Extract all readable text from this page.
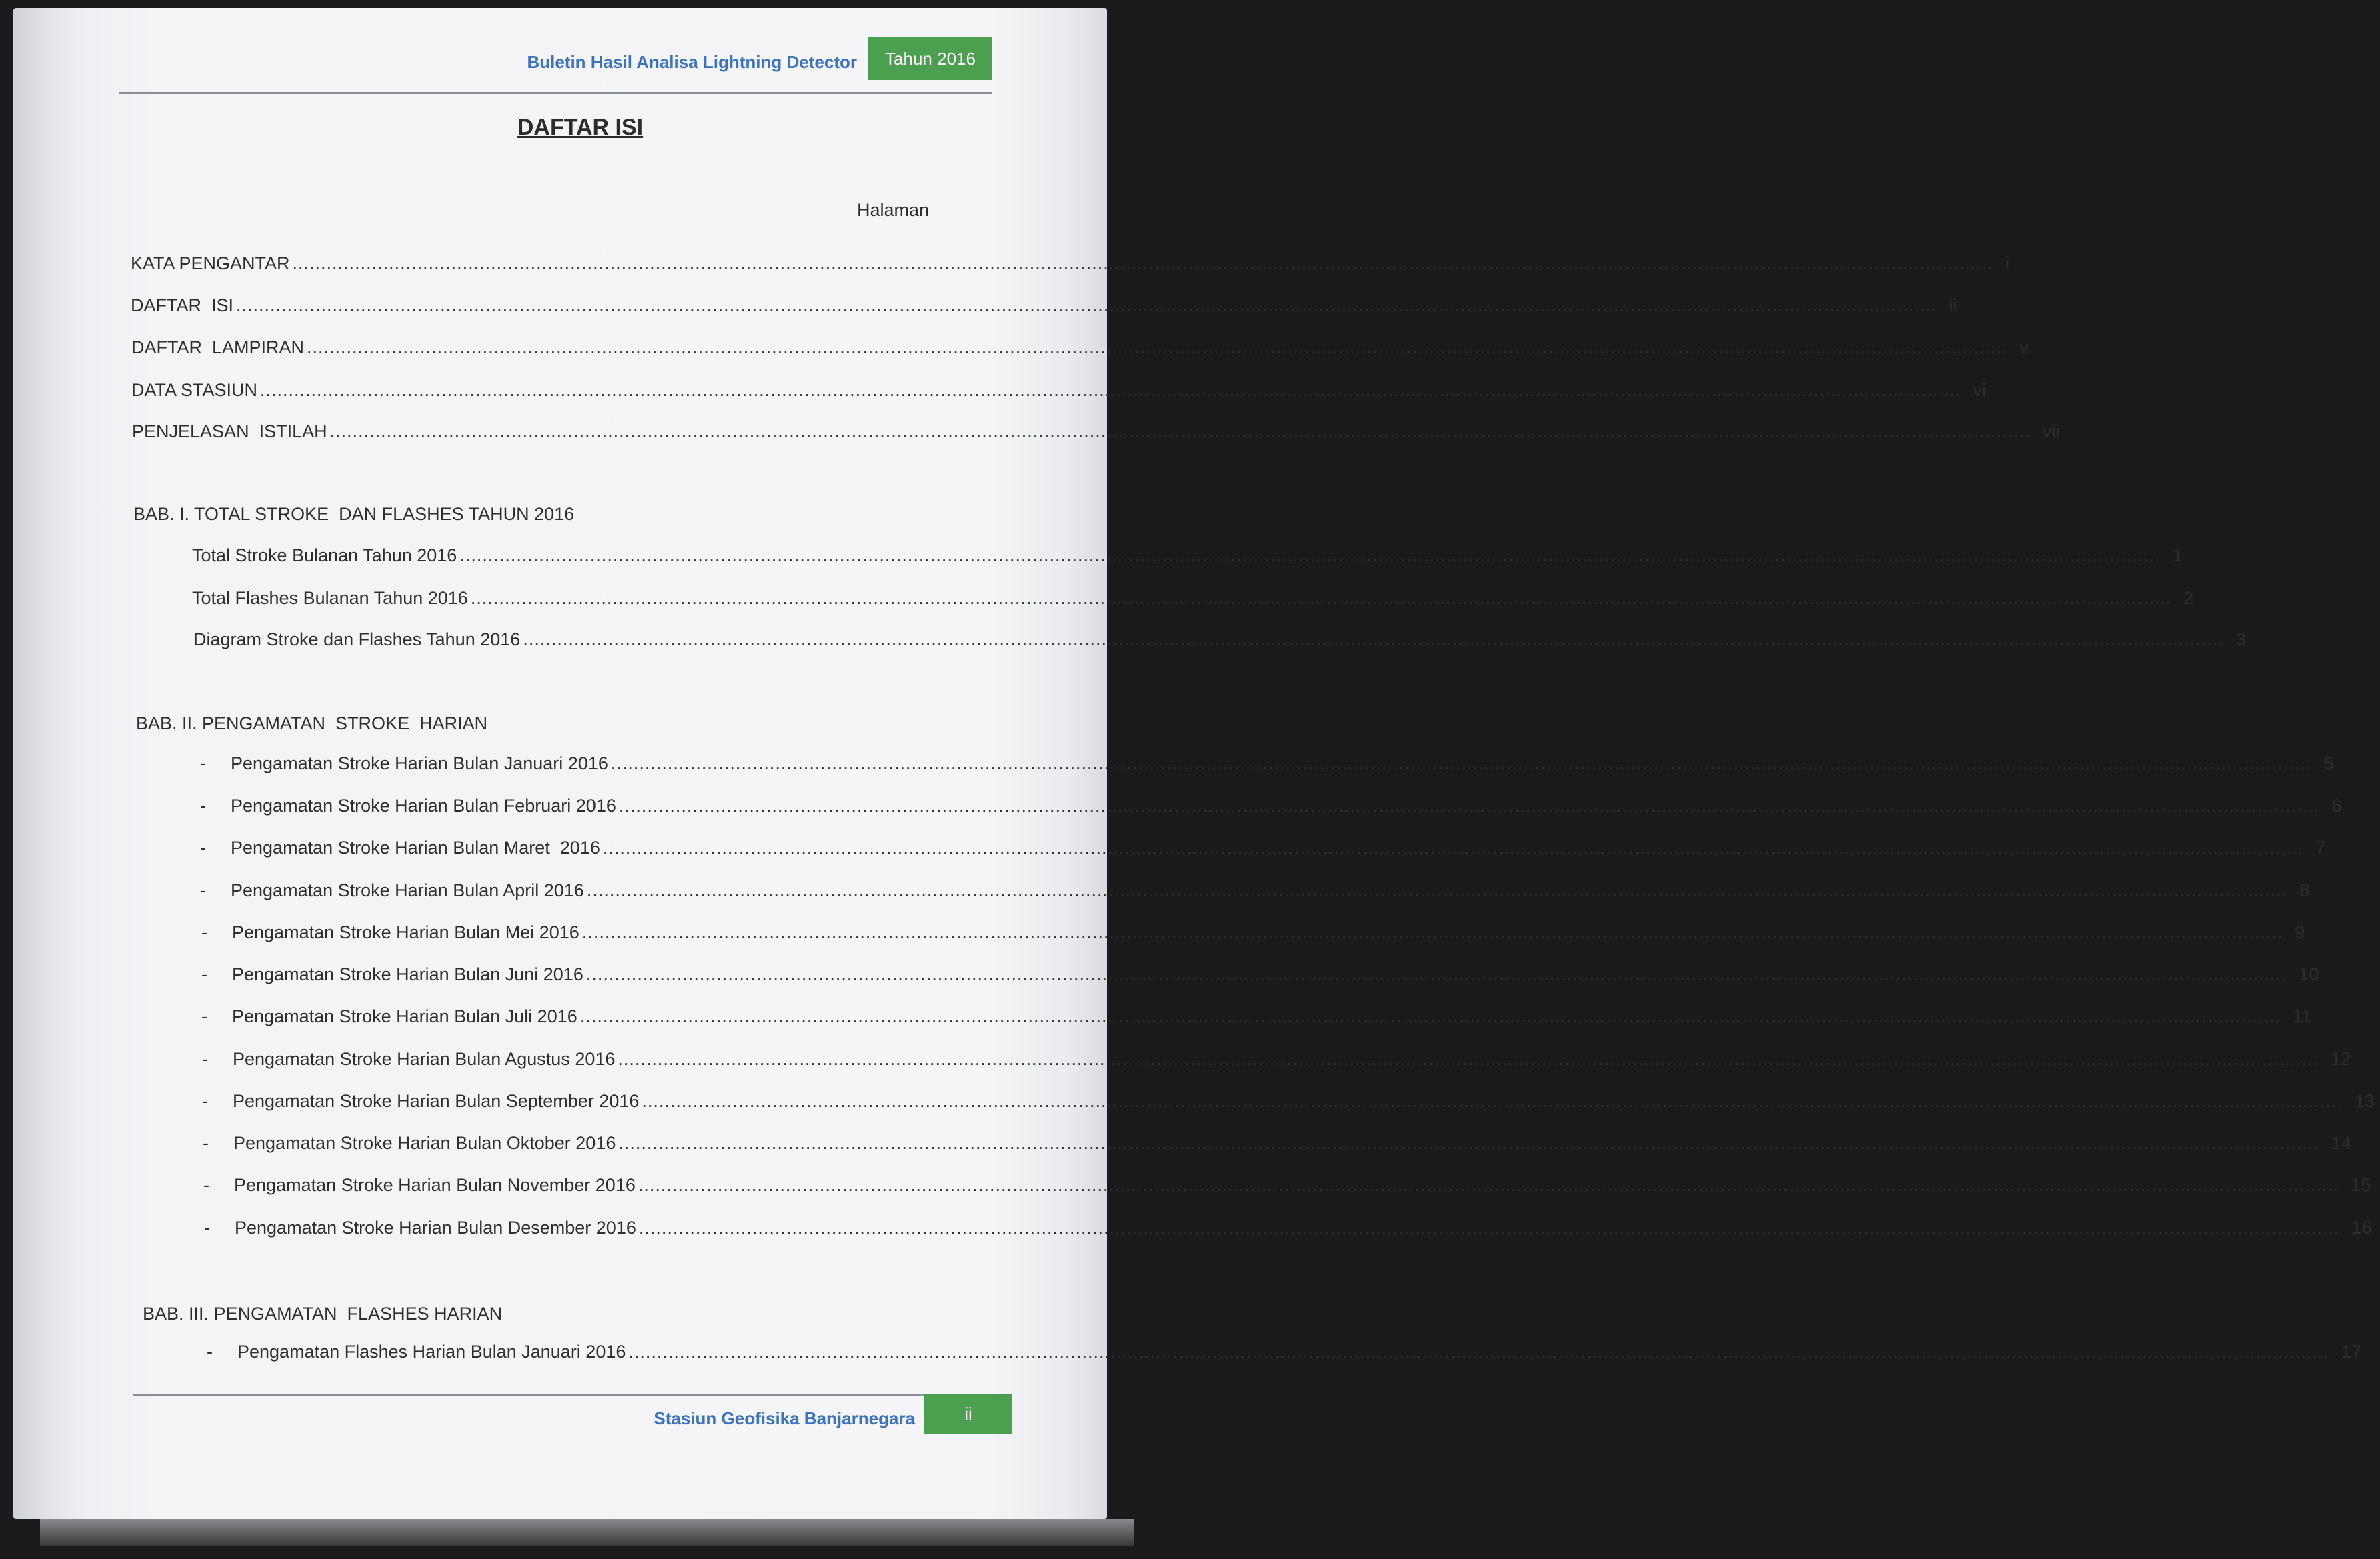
Buletin Hasil Analisa Lightning Detector	Tahun 2016
DAFTAR ISI
Halaman
KATA PENGANTAR ............................................................................................................................................................................................................................................................................................................ i
DAFTAR  ISI ............................................................................................................................................................................................................................................................................................................ ii
DAFTAR  LAMPIRAN ............................................................................................................................................................................................................................................................................................................ v
DATA STASIUN ............................................................................................................................................................................................................................................................................................................ vi
PENJELASAN  ISTILAH ............................................................................................................................................................................................................................................................................................................ vii
BAB. I. TOTAL STROKE  DAN FLASHES TAHUN 2016
Total Stroke Bulanan Tahun 2016 ............................................................................................................................................................................................................................................................................................................ 1
Total Flashes Bulanan Tahun 2016 ............................................................................................................................................................................................................................................................................................................ 2
Diagram Stroke dan Flashes Tahun 2016 ............................................................................................................................................................................................................................................................................................................ 3
BAB. II. PENGAMATAN  STROKE  HARIAN
-	Pengamatan Stroke Harian Bulan Januari 2016 ............................................................................................................................................................................................................................................................................................................ 5
-	Pengamatan Stroke Harian Bulan Februari 2016 ............................................................................................................................................................................................................................................................................................................ 6
-	Pengamatan Stroke Harian Bulan Maret  2016 ............................................................................................................................................................................................................................................................................................................ 7
-	Pengamatan Stroke Harian Bulan April 2016 ............................................................................................................................................................................................................................................................................................................ 8
-	Pengamatan Stroke Harian Bulan Mei 2016 ............................................................................................................................................................................................................................................................................................................ 9
-	Pengamatan Stroke Harian Bulan Juni 2016 ............................................................................................................................................................................................................................................................................................................ 10
-	Pengamatan Stroke Harian Bulan Juli 2016 ............................................................................................................................................................................................................................................................................................................ 11
-	Pengamatan Stroke Harian Bulan Agustus 2016 ............................................................................................................................................................................................................................................................................................................ 12
-	Pengamatan Stroke Harian Bulan September 2016 ............................................................................................................................................................................................................................................................................................................ 13
-	Pengamatan Stroke Harian Bulan Oktober 2016 ............................................................................................................................................................................................................................................................................................................ 14
-	Pengamatan Stroke Harian Bulan November 2016 ............................................................................................................................................................................................................................................................................................................ 15
-	Pengamatan Stroke Harian Bulan Desember 2016 ............................................................................................................................................................................................................................................................................................................ 16
BAB. III. PENGAMATAN  FLASHES HARIAN
-	Pengamatan Flashes Harian Bulan Januari 2016 ............................................................................................................................................................................................................................................................................................................ 17
Stasiun Geofisika Banjarnegara	ii
